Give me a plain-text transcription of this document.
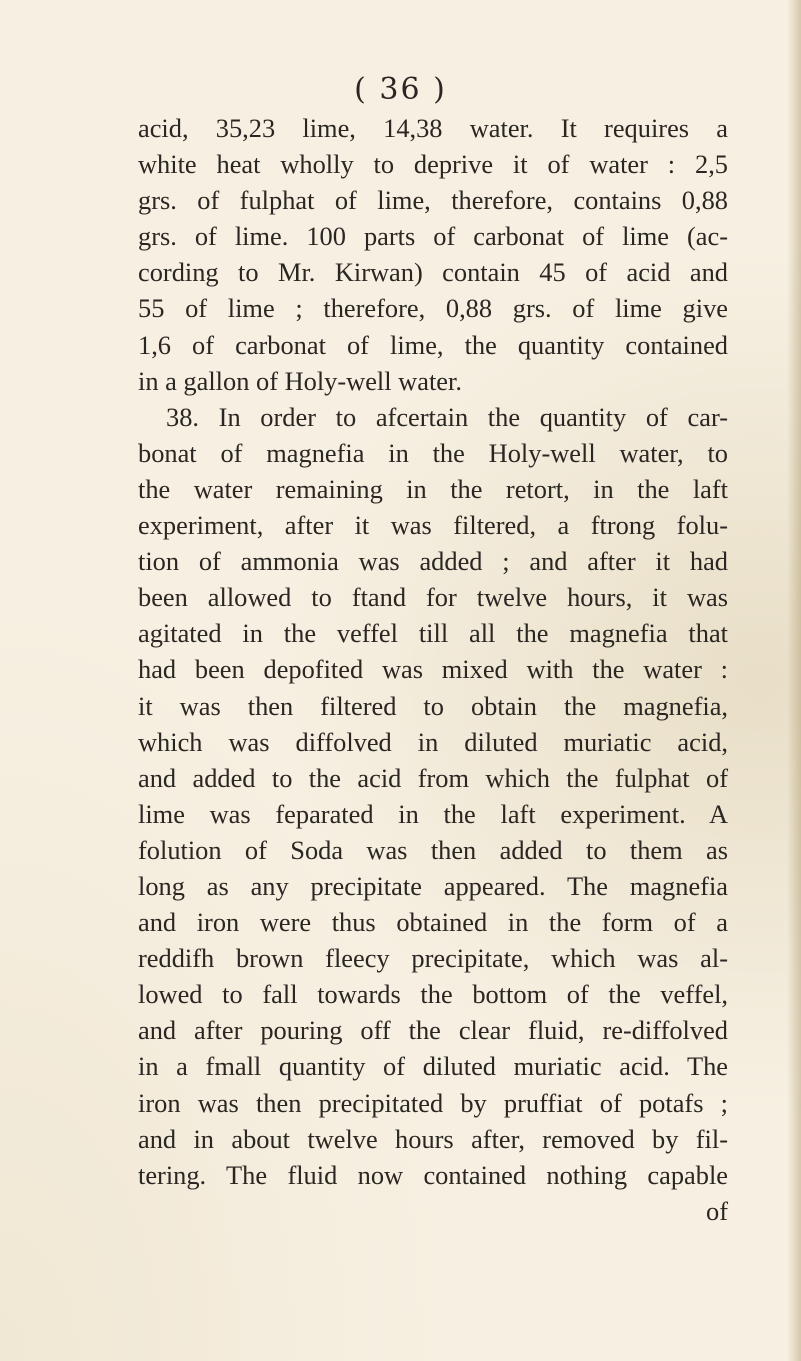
( 36 )
acid, 35,23 lime, 14,38 water. It requires a
white heat wholly to deprive it of water : 2,5
grs. of fulphat of lime, therefore, contains 0,88
grs. of lime. 100 parts of carbonat of lime (ac-
cording to Mr. Kirwan) contain 45 of acid and
55 of lime ; therefore, 0,88 grs. of lime give
1,6 of carbonat of lime, the quantity contained
in a gallon of Holy-well water.
38. In order to afcertain the quantity of car-
bonat of magnefia in the Holy-well water, to
the water remaining in the retort, in the laft
experiment, after it was filtered, a ftrong folu-
tion of ammonia was added ; and after it had
been allowed to ftand for twelve hours, it was
agitated in the veffel till all the magnefia that
had been depofited was mixed with the water :
it was then filtered to obtain the magnefia,
which was diffolved in diluted muriatic acid,
and added to the acid from which the fulphat of
lime was feparated in the laft experiment. A
folution of Soda was then added to them as
long as any precipitate appeared. The magnefia
and iron were thus obtained in the form of a
reddifh brown fleecy precipitate, which was al-
lowed to fall towards the bottom of the veffel,
and after pouring off the clear fluid, re-diffolved
in a fmall quantity of diluted muriatic acid. The
iron was then precipitated by pruffiat of potafs ;
and in about twelve hours after, removed by fil-
tering. The fluid now contained nothing capable
of
